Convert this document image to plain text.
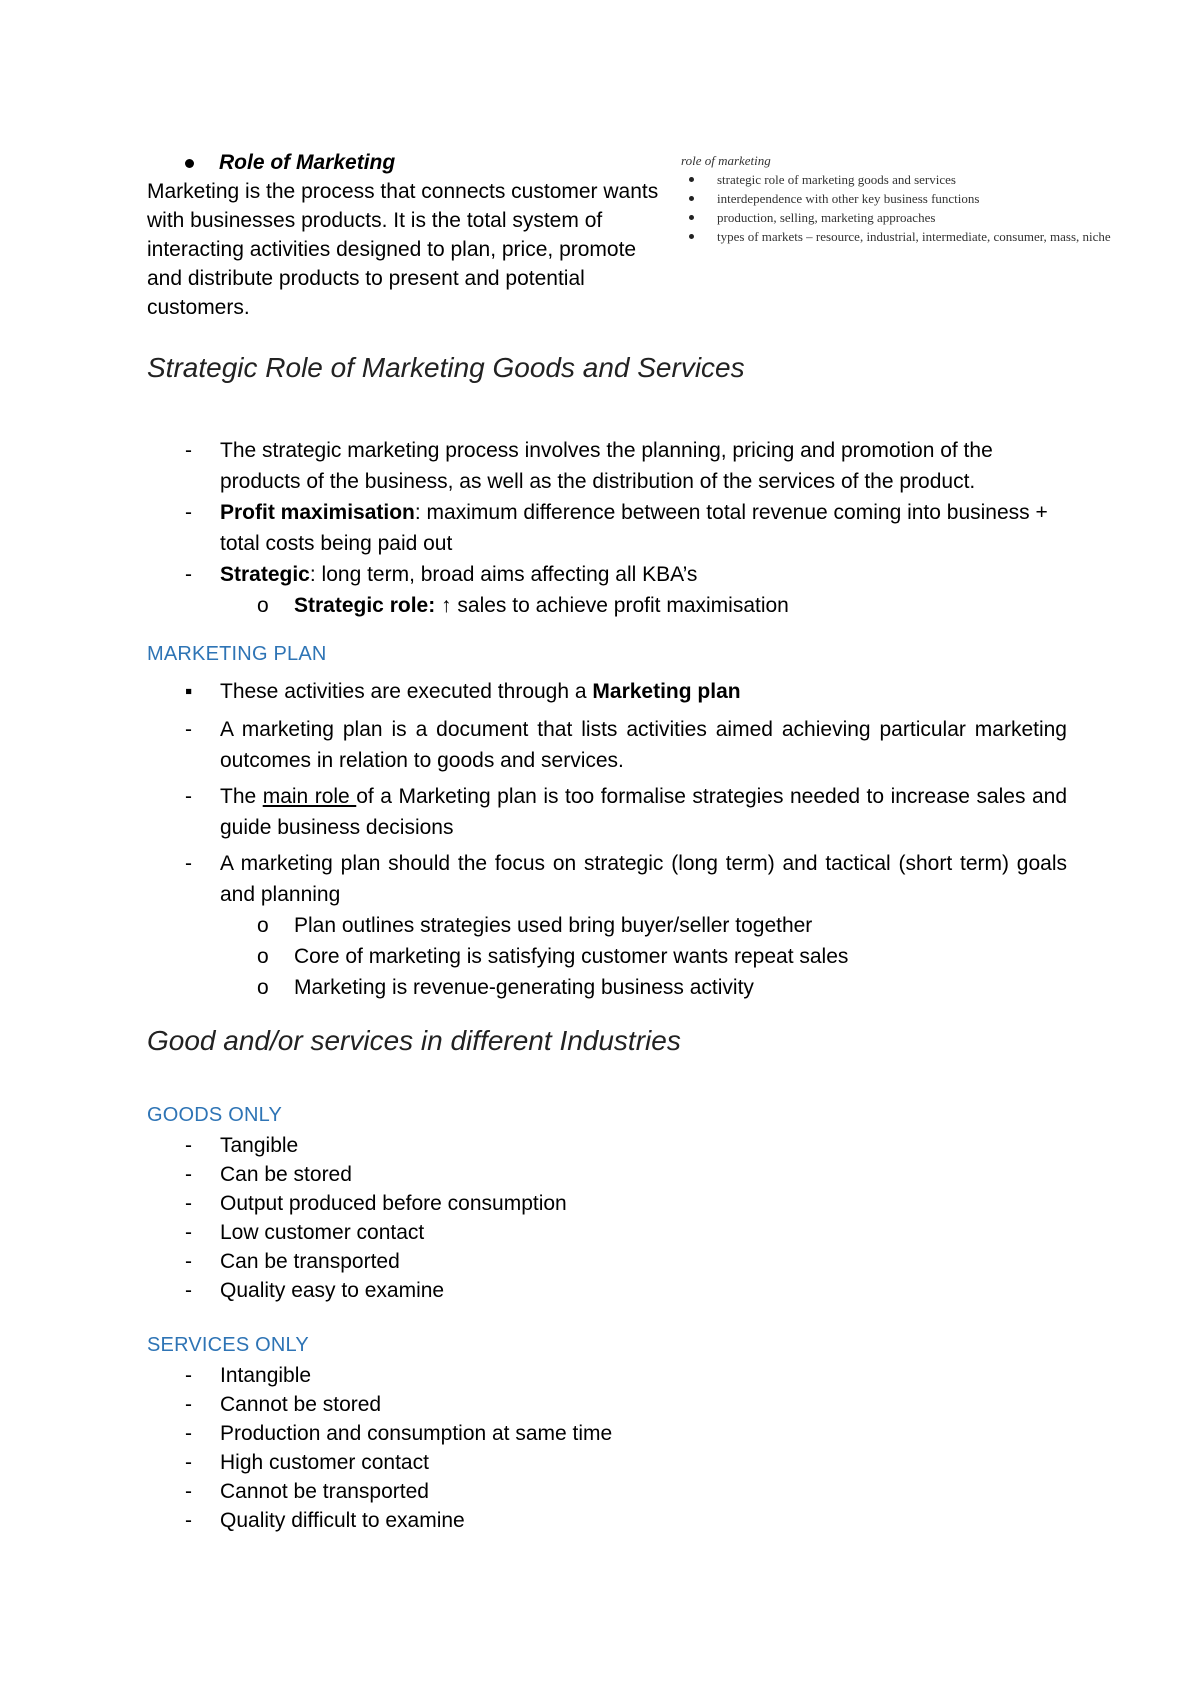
Role of Marketing

Marketing is the process that connects customer wants with businesses products. It is the total system of interacting activities designed to plan, price, promote and distribute products to present and potential customers.

role of marketing
strategic role of marketing goods and services
interdependence with other key business functions
production, selling, marketing approaches
types of markets – resource, industrial, intermediate, consumer, mass, niche
Strategic Role of Marketing Goods and Services
- The strategic marketing process involves the planning, pricing and promotion of the products of the business, as well as the distribution of the services of the product.
- Profit maximisation: maximum difference between total revenue coming into business + total costs being paid out
- Strategic: long term, broad aims affecting all KBA’s
o Strategic role: ↑ sales to achieve profit maximisation
MARKETING PLAN
▪ These activities are executed through a Marketing plan
- A marketing plan is a document that lists activities aimed achieving particular marketing outcomes in relation to goods and services.
- The main role of a Marketing plan is too formalise strategies needed to increase sales and guide business decisions
- A marketing plan should the focus on strategic (long term) and tactical (short term) goals and planning
o Plan outlines strategies used bring buyer/seller together
o Core of marketing is satisfying customer wants repeat sales
o Marketing is revenue-generating business activity
Good and/or services in different Industries
GOODS ONLY
- Tangible
- Can be stored
- Output produced before consumption
- Low customer contact
- Can be transported
- Quality easy to examine
SERVICES ONLY
- Intangible
- Cannot be stored
- Production and consumption at same time
- High customer contact
- Cannot be transported
- Quality difficult to examine
